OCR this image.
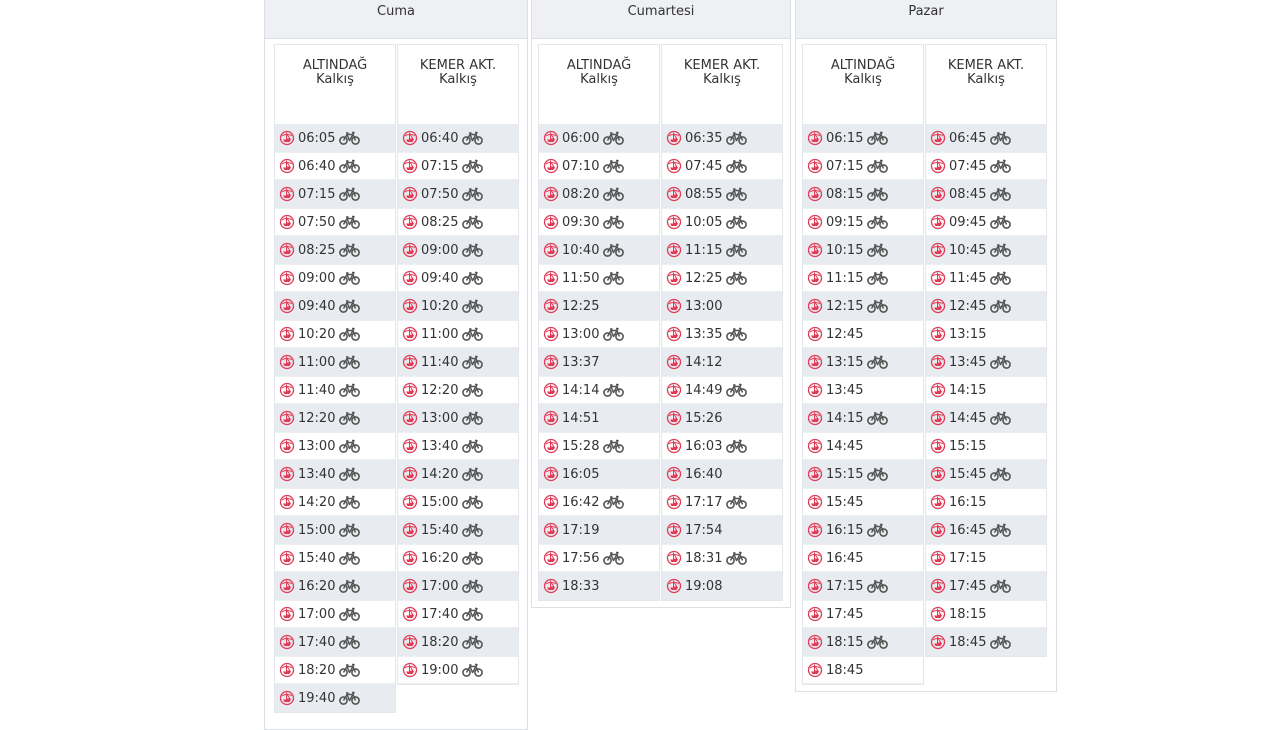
Cuma
ALTINDAĞ
Kalkış
06:05
06:40
07:15
07:50
08:25
09:00
09:40
10:20
11:00
11:40
12:20
13:00
13:40
14:20
15:00
15:40
16:20
17:00
17:40
18:20
19:40
KEMER AKT.
Kalkış
06:40
07:15
07:50
08:25
09:00
09:40
10:20
11:00
11:40
12:20
13:00
13:40
14:20
15:00
15:40
16:20
17:00
17:40
18:20
19:00
Cumartesi
ALTINDAĞ
Kalkış
06:00
07:10
08:20
09:30
10:40
11:50
12:25
13:00
13:37
14:14
14:51
15:28
16:05
16:42
17:19
17:56
18:33
KEMER AKT.
Kalkış
06:35
07:45
08:55
10:05
11:15
12:25
13:00
13:35
14:12
14:49
15:26
16:03
16:40
17:17
17:54
18:31
19:08
Pazar
ALTINDAĞ
Kalkış
06:15
07:15
08:15
09:15
10:15
11:15
12:15
12:45
13:15
13:45
14:15
14:45
15:15
15:45
16:15
16:45
17:15
17:45
18:15
18:45
KEMER AKT.
Kalkış
06:45
07:45
08:45
09:45
10:45
11:45
12:45
13:15
13:45
14:15
14:45
15:15
15:45
16:15
16:45
17:15
17:45
18:15
18:45
